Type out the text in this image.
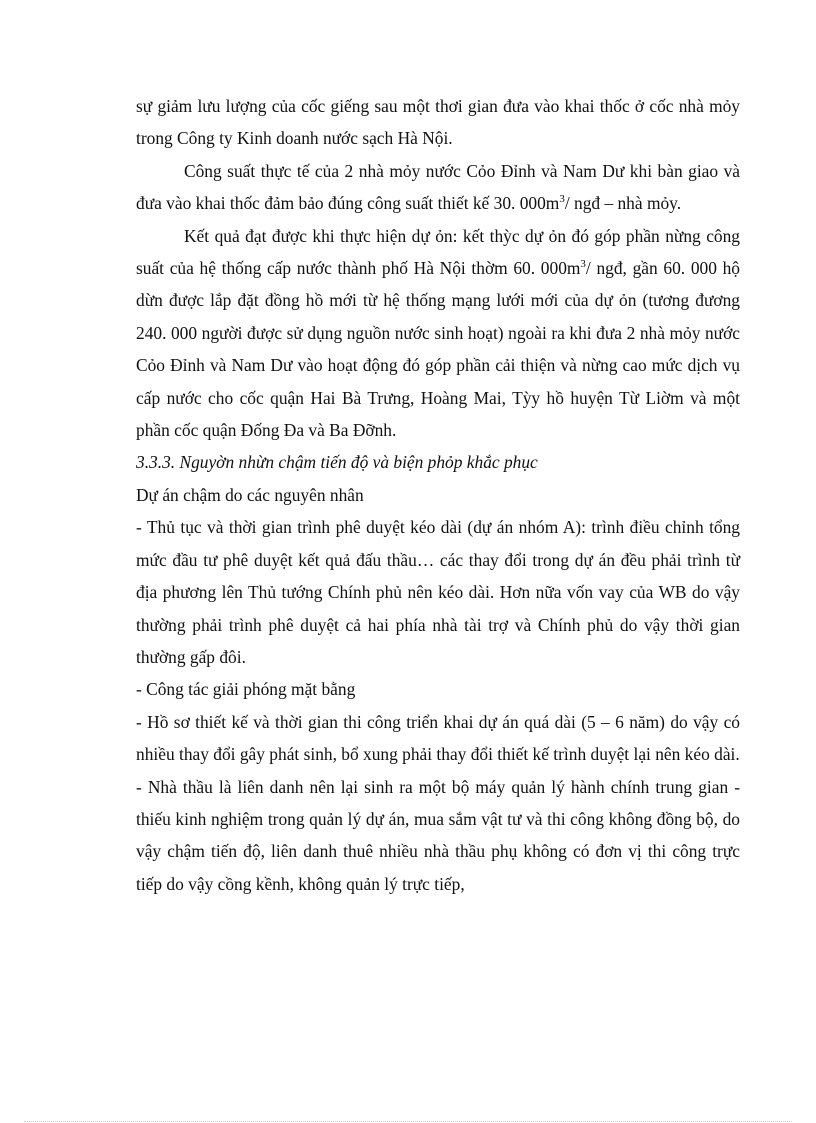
sự giảm lưu lượng của cốc giếng sau một thơi gian đưa vào khai thốc ở cốc nhà mỏy trong Công ty Kinh doanh nước sạch Hà Nội.

Công suất thực tế của 2 nhà mỏy nước Cỏo Đỉnh và Nam Dư khi bàn giao và đưa vào khai thốc đảm bảo đúng công suất thiết kế 30. $000m^3/$ ngđ – nhà mỏy.

Kết quả đạt được khi thực hiện dự ỏn: kết thỳc dự ỏn đó góp phần nừng công suất của hệ thống cấp nước thành phố Hà Nội thờm 60. $000m^3/$ ngđ, gần 60. 000 hộ dừn được lắp đặt đồng hồ mới từ hệ thống mạng lưới mới của dự ỏn (tương đương 240. 000 người được sử dụng nguồn nước sinh hoạt) ngoài ra khi đưa 2 nhà mỏy nước Cỏo Đỉnh và Nam Dư vào hoạt động đó góp phần cải thiện và nừng cao mức dịch vụ cấp nước cho cốc quận Hai Bà Trưng, Hoàng Mai, Tỳy hồ huyện Từ Liờm và một phần cốc quận Đống Đa và Ba Đỡnh.

3.3.3. Nguyờn nhừn chậm tiến độ và biện phỏp khắc phục

Dự án chậm do các nguyên nhân

- Thủ tục và thời gian trình phê duyệt kéo dài (dự án nhóm A): trình điều chỉnh tổng mức đầu tư phê duyệt kết quả đấu thầu… các thay đổi trong dự án đều phải trình từ địa phương lên Thủ tướng Chính phủ nên kéo dài. Hơn nữa vốn vay của WB do vậy thường phải trình phê duyệt cả hai phía nhà tài trợ và Chính phủ do vậy thời gian thường gấp đôi.

- Công tác giải phóng mặt bằng

- Hồ sơ thiết kế và thời gian thi công triển khai dự án quá dài (5 – 6 năm) do vậy có nhiều thay đổi gây phát sinh, bổ xung phải thay đổi thiết kế trình duyệt lại nên kéo dài.

- Nhà thầu là liên danh nên lại sinh ra một bộ máy quản lý hành chính trung gian - thiếu kinh nghiệm trong quản lý dự án, mua sắm vật tư và thi công không đồng bộ, do vậy chậm tiến độ, liên danh thuê nhiều nhà thầu phụ không có đơn vị thi công trực tiếp do vậy cồng kềnh, không quản lý trực tiếp,
